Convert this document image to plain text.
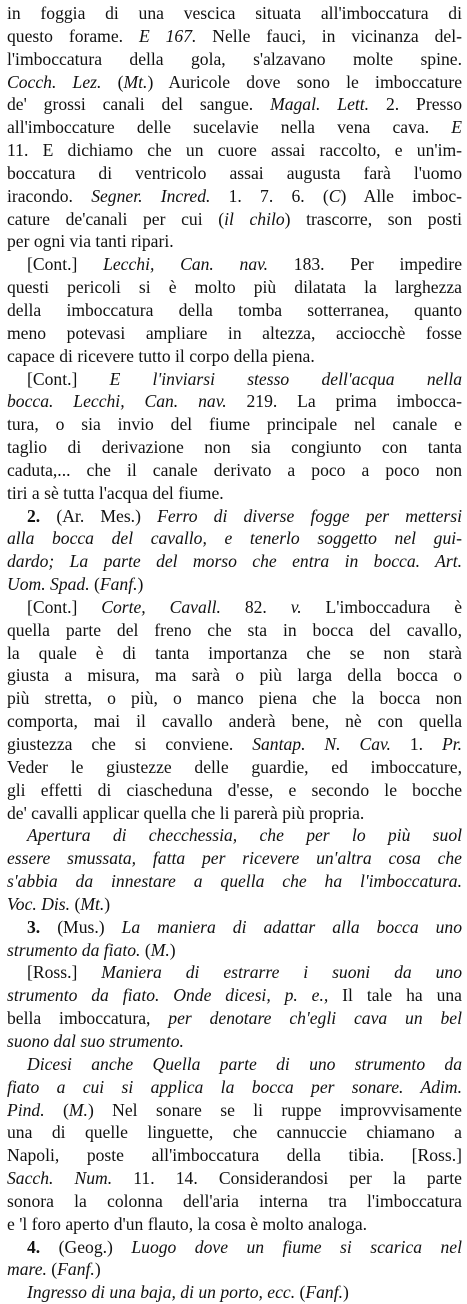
in foggia di una vescica situata all'imboccatura di
questo forame. E 167. Nelle fauci, in vicinanza del-
l'imboccatura della gola, s'alzavano molte spine.
Cocch. Lez. (Mt.) Auricole dove sono le imboccature
de' grossi canali del sangue. Magal. Lett. 2. Presso
all'imboccature delle sucelavie nella vena cava. E
11. E dichiamo che un cuore assai raccolto, e un'im-
boccatura di ventricolo assai augusta farà l'uomo
iracondo. Segner. Incred. 1. 7. 6. (C) Alle imboc-
cature de'canali per cui (il chilo) trascorre, son posti
per ogni via tanti ripari.
[Cont.] Lecchi, Can. nav. 183. Per impedire
questi pericoli si è molto più dilatata la larghezza
della imboccatura della tomba sotterranea, quanto
meno potevasi ampliare in altezza, acciocchè fosse
capace di ricevere tutto il corpo della piena.
[Cont.] E l'inviarsi stesso dell'acqua nella
bocca. Lecchi, Can. nav. 219. La prima imbocca-
tura, o sia invio del fiume principale nel canale e
taglio di derivazione non sia congiunto con tanta
caduta,... che il canale derivato a poco a poco non
tiri a sè tutta l'acqua del fiume.
2. (Ar. Mes.) Ferro di diverse fogge per mettersi
alla bocca del cavallo, e tenerlo soggetto nel gui-
dardo; La parte del morso che entra in bocca. Art.
Uom. Spad. (Fanf.)
[Cont.] Corte, Cavall. 82. v. L'imboccadura è
quella parte del freno che sta in bocca del cavallo,
la quale è di tanta importanza che se non starà
giusta a misura, ma sarà o più larga della bocca o
più stretta, o più, o manco piena che la bocca non
comporta, mai il cavallo anderà bene, nè con quella
giustezza che si conviene. Santap. N. Cav. 1. Pr.
Veder le giustezze delle guardie, ed imboccature,
gli effetti di ciascheduna d'esse, e secondo le bocche
de' cavalli applicar quella che li parerà più propria.
Apertura di checchessia, che per lo più suol
essere smussata, fatta per ricevere un'altra cosa che
s'abbia da innestare a quella che ha l'imboccatura.
Voc. Dis. (Mt.)
3. (Mus.) La maniera di adattar alla bocca uno
strumento da fiato. (M.)
[Ross.] Maniera di estrarre i suoni da uno
strumento da fiato. Onde dicesi, p. e., Il tale ha una
bella imboccatura, per denotare ch'egli cava un bel
suono dal suo strumento.
Dicesi anche Quella parte di uno strumento da
fiato a cui si applica la bocca per sonare. Adim.
Pind. (M.) Nel sonare se li ruppe improvvisamente
una di quelle linguette, che cannuccie chiamano a
Napoli, poste all'imboccatura della tibia. [Ross.]
Sacch. Num. 11. 14. Considerandosi per la parte
sonora la colonna dell'aria interna tra l'imboccatura
e 'l foro aperto d'un flauto, la cosa è molto analoga.
4. (Geog.) Luogo dove un fiume si scarica nel
mare. (Fanf.)
Ingresso di una baja, di un porto, ecc. (Fanf.)
